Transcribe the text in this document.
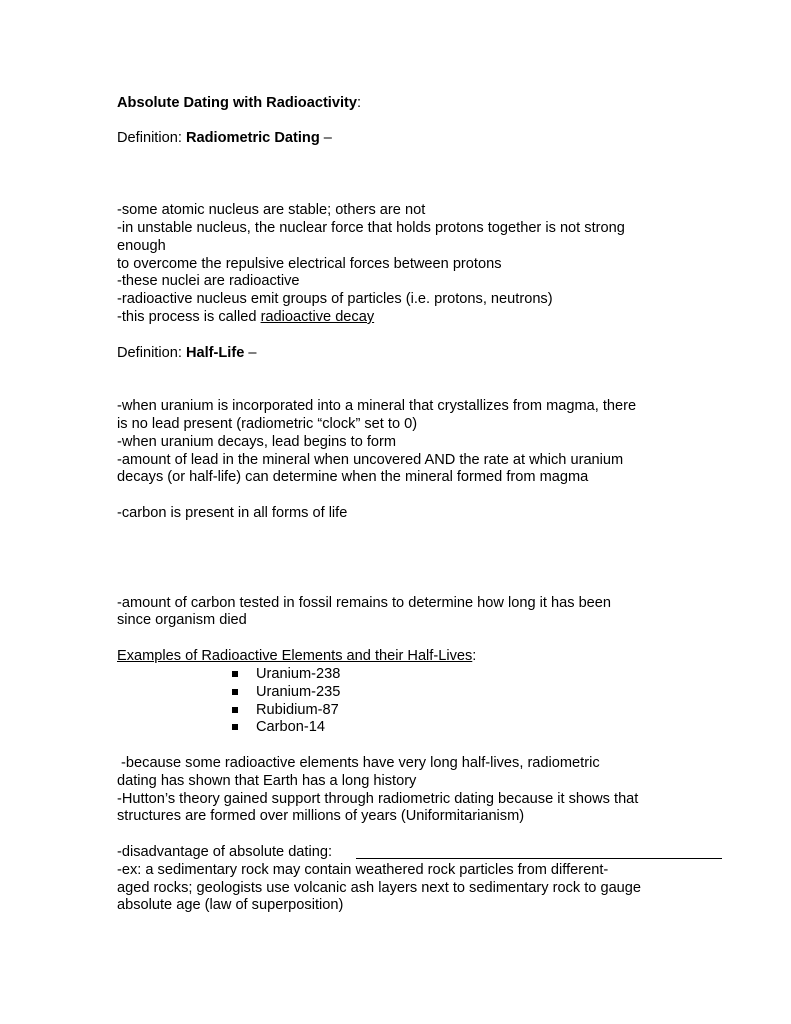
Absolute Dating with Radioactivity:
Definition: Radiometric Dating –
-some atomic nucleus are stable; others are not
-in unstable nucleus, the nuclear force that holds protons together is not strong
enough
to overcome the repulsive electrical forces between protons
-these nuclei are radioactive
-radioactive nucleus emit groups of particles (i.e. protons, neutrons)
-this process is called radioactive decay
Definition: Half-Life –
-when uranium is incorporated into a mineral that crystallizes from magma, there
is no lead present (radiometric “clock” set to 0)
-when uranium decays, lead begins to form
-amount of lead in the mineral when uncovered AND the rate at which uranium
decays (or half-life) can determine when the mineral formed from magma
-carbon is present in all forms of life
-amount of carbon tested in fossil remains to determine how long it has been
since organism died
Examples of Radioactive Elements and their Half-Lives:
Uranium-238
Uranium-235
Rubidium-87
Carbon-14
-because some radioactive elements have very long half-lives, radiometric
dating has shown that Earth has a long history
-Hutton’s theory gained support through radiometric dating because it shows that
structures are formed over millions of years (Uniformitarianism)
-disadvantage of absolute dating:
-ex: a sedimentary rock may contain weathered rock particles from different-
aged rocks; geologists use volcanic ash layers next to sedimentary rock to gauge
absolute age (law of superposition)
